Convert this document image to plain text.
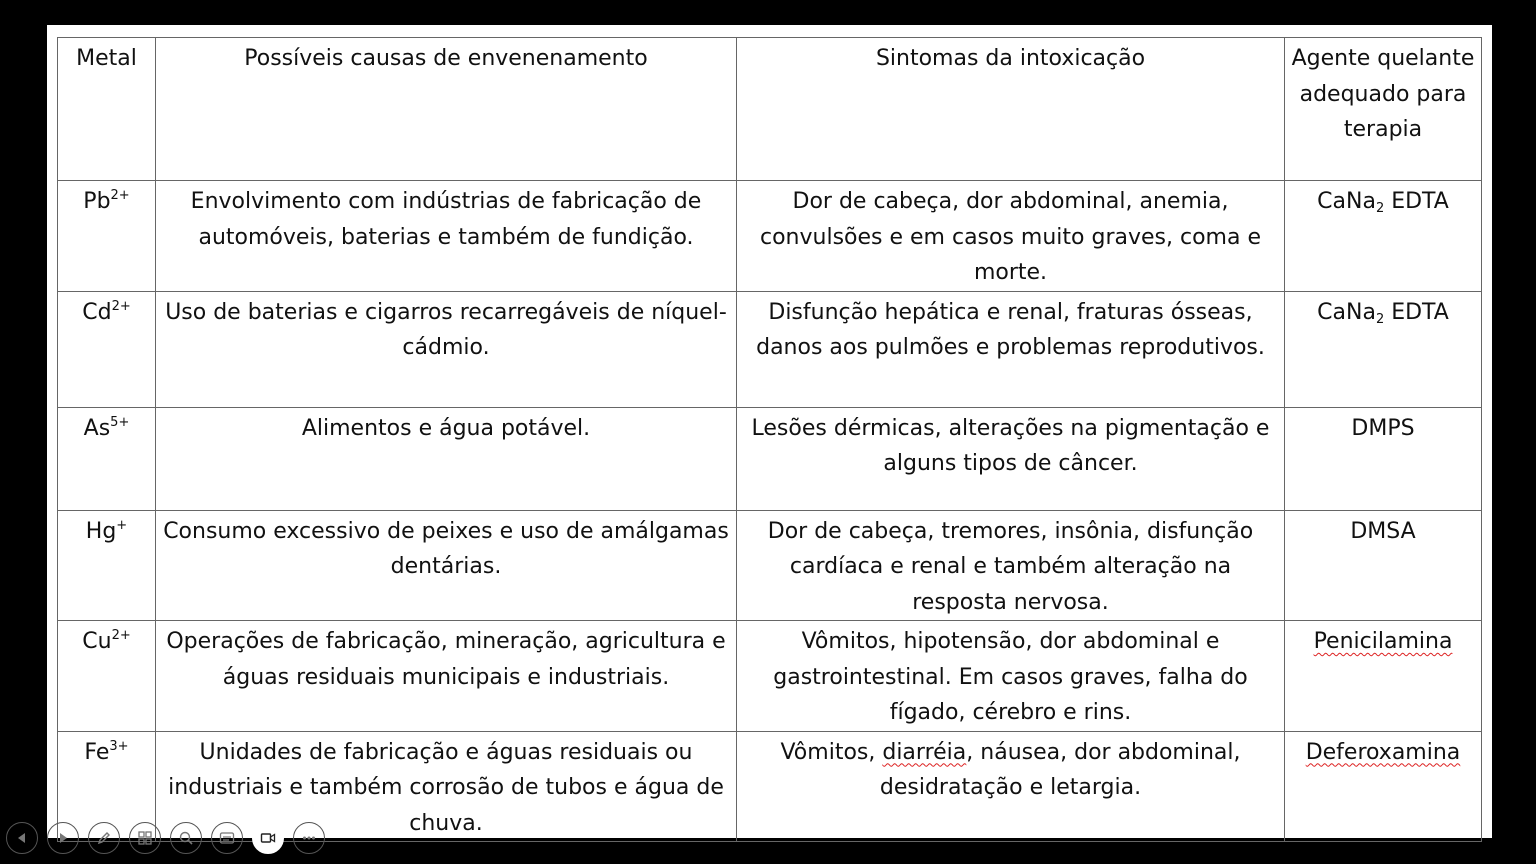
Metal	Possíveis causas de envenenamento	Sintomas da intoxicação	Agente quelante adequado para terapia
$Pb^{2+}$	Envolvimento com indústrias de fabricação de automóveis, baterias e também de fundição.	Dor de cabeça, dor abdominal, anemia, convulsões e em casos muito graves, coma e morte.	CaNa$_2$ EDTA
$Cd^{2+}$	Uso de baterias e cigarros recarregáveis de níquel-cádmio.	Disfunção hepática e renal, fraturas ósseas, danos aos pulmões e problemas reprodutivos.	CaNa$_2$ EDTA
$As^{5+}$	Alimentos e água potável.	Lesões dérmicas, alterações na pigmentação e alguns tipos de câncer.	DMPS
Hg+	Consumo excessivo de peixes e uso de amálgamas dentárias.	Dor de cabeça, tremores, insônia, disfunção cardíaca e renal e também alteração na resposta nervosa.	DMSA
$Cu^{2+}$	Operações de fabricação, mineração, agricultura e águas residuais municipais e industriais.	Vômitos, hipotensão, dor abdominal e gastrointestinal. Em casos graves, falha do fígado, cérebro e rins.	Penicilamina
$Fe^{3+}$	Unidades de fabricação e águas residuais ou industriais e também corrosão de tubos e água de chuva.	Vômitos, diarréia, náusea, dor abdominal, desidratação e letargia.	Deferoxamina
